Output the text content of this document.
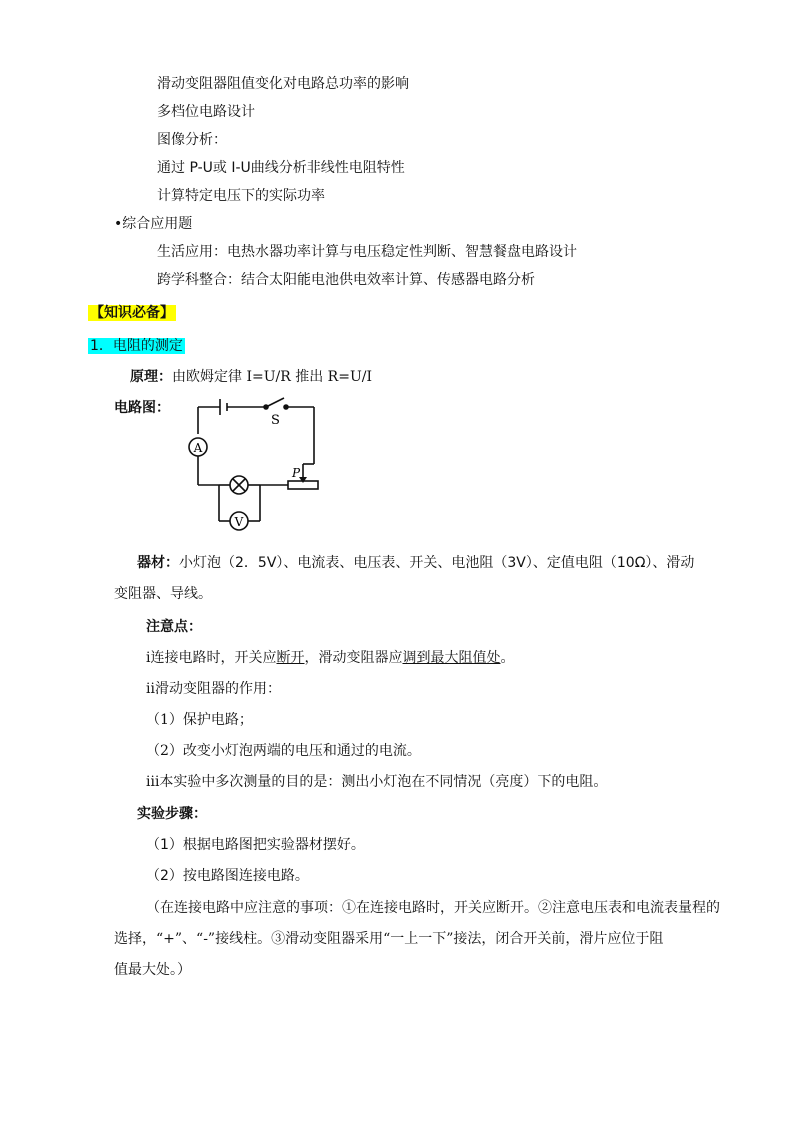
滑动变阻器阻值变化对电路总功率的影响
多档位电路设计
图像分析：
通过 P-U或 I-U曲线分析非线性电阻特性
计算特定电压下的实际功率
•综合应用题
生活应用：电热水器功率计算与电压稳定性判断、智慧餐盘电路设计
跨学科整合：结合太阳能电池供电效率计算、传感器电路分析
【知识必备】
1．电阻的测定
原理：由欧姆定律 I=U/R 推出 R=U/I
电路图：
A
V
S
P
器材：小灯泡（2．5V）、电流表、电压表、开关、电池阻（3V）、定值电阻（10Ω）、滑动
变阻器、导线。
注意点：
ⅰ连接电路时，开关应断开，滑动变阻器应调到最大阻值处。
ⅱ滑动变阻器的作用：
（1）保护电路；
（2）改变小灯泡两端的电压和通过的电流。
ⅲ本实验中多次测量的目的是：测出小灯泡在不同情况（亮度）下的电阻。
实验步骤：
（1）根据电路图把实验器材摆好。
（2）按电路图连接电路。
（在连接电路中应注意的事项：①在连接电路时，开关应断开。②注意电压表和电流表量程的
选择，“+”、“-”接线柱。③滑动变阻器采用“一上一下”接法，闭合开关前，滑片应位于阻
值最大处。）
